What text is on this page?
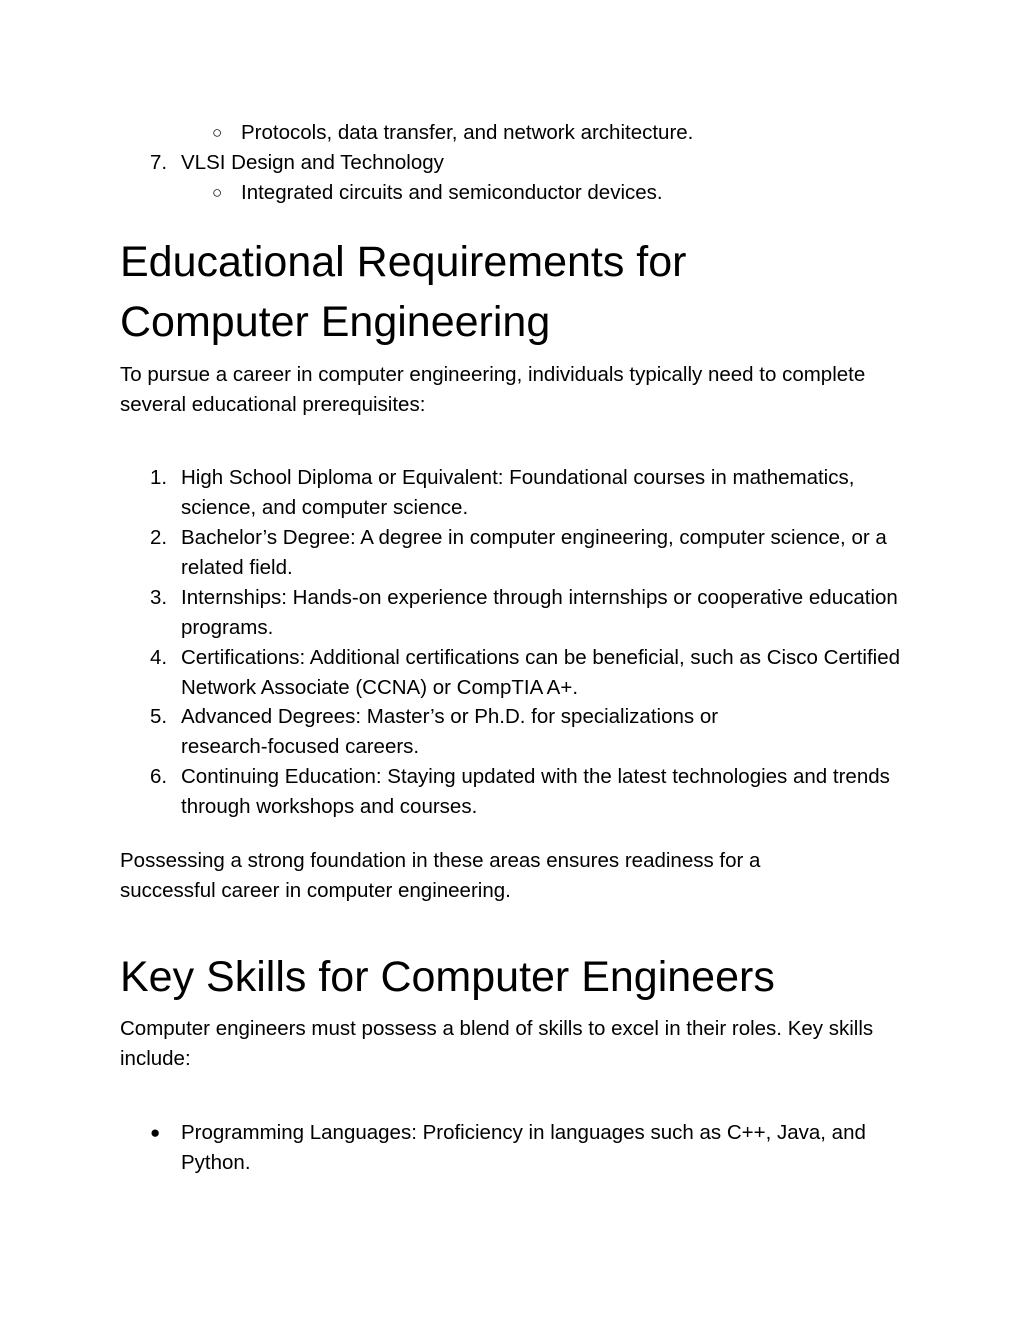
○ Protocols, data transfer, and network architecture.
7. VLSI Design and Technology
○ Integrated circuits and semiconductor devices.
Educational Requirements for
Computer Engineering

To pursue a career in computer engineering, individuals typically need to complete several educational prerequisites:

1. High School Diploma or Equivalent: Foundational courses in mathematics, science, and computer science.

2. Bachelor’s Degree: A degree in computer engineering, computer science, or a related field.

3. Internships: Hands-on experience through internships or cooperative education programs.

4. Certifications: Additional certifications can be beneficial, such as Cisco Certified Network Associate (CCNA) or CompTIA A+.

5. Advanced Degrees: Master’s or Ph.D. for specializations or research-focused careers.

6. Continuing Education: Staying updated with the latest technologies and trends through workshops and courses.

Possessing a strong foundation in these areas ensures readiness for a successful career in computer engineering.

Key Skills for Computer Engineers

Computer engineers must possess a blend of skills to excel in their roles. Key skills include:

● Programming Languages: Proficiency in languages such as C++, Java, and Python.
